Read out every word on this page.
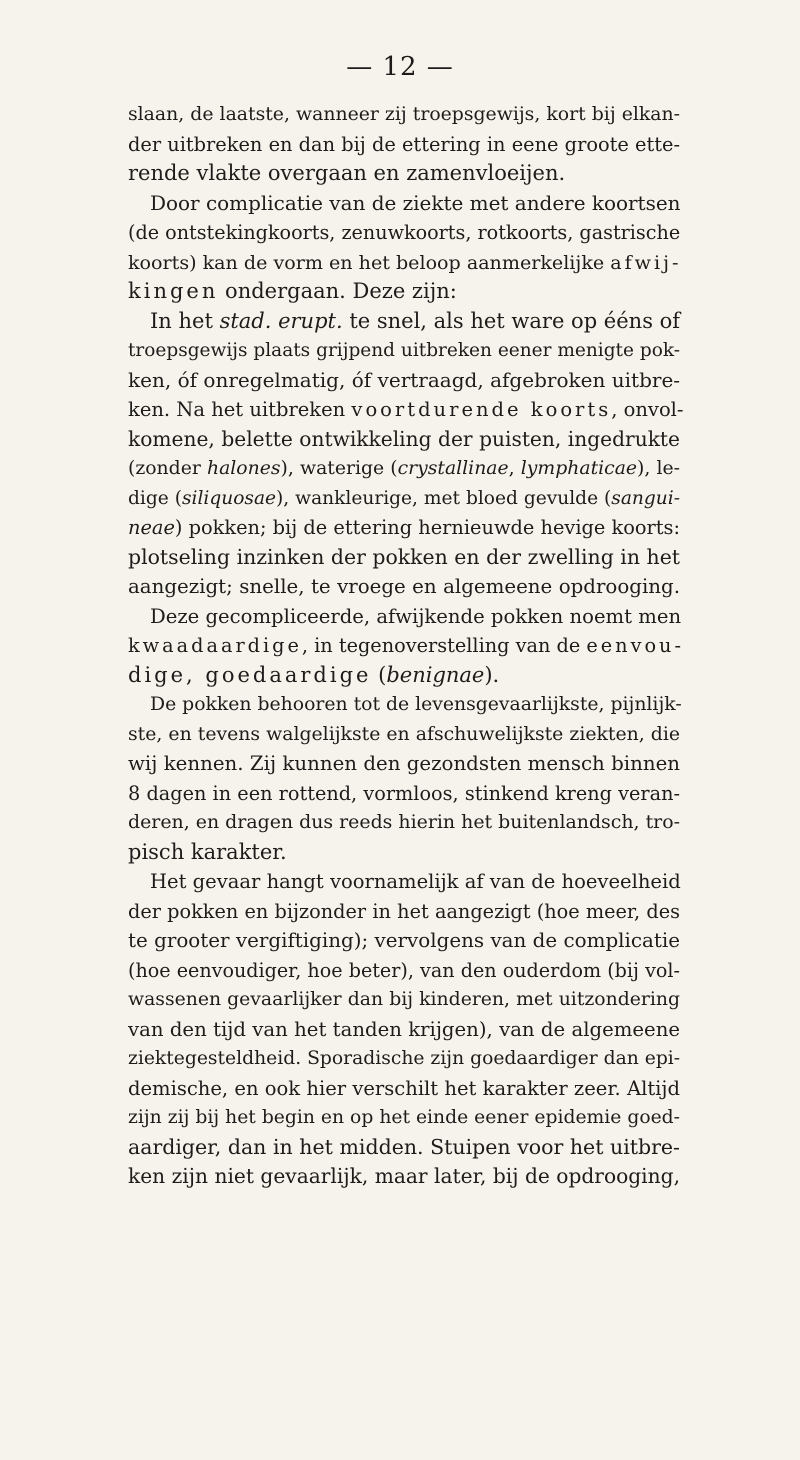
— 12 —
slaan, de laatste, wanneer zij troepsgewijs, kort bij elkan-
der uitbreken en dan bij de ettering in eene groote ette-
rende vlakte overgaan en zamenvloeijen.
Door complicatie van de ziekte met andere koortsen
(de ontstekingkoorts, zenuwkoorts, rotkoorts, gastrische
koorts) kan de vorm en het beloop aanmerkelijke afwij-
kingen ondergaan. Deze zijn:
In het stad. erupt. te snel, als het ware op ééns of
troepsgewijs plaats grijpend uitbreken eener menigte pok-
ken, óf onregelmatig, óf vertraagd, afgebroken uitbre-
ken. Na het uitbreken voortdurende koorts, onvol-
komene, belette ontwikkeling der puisten, ingedrukte
(zonder halones), waterige (crystallinae, lymphaticae), le-
dige (siliquosae), wankleurige, met bloed gevulde (sangui-
neae) pokken; bij de ettering hernieuwde hevige koorts:
plotseling inzinken der pokken en der zwelling in het
aangezigt; snelle, te vroege en algemeene opdrooging.
Deze gecompliceerde, afwijkende pokken noemt men
kwaadaardige, in tegenoverstelling van de eenvou-
dige, goedaardige (benignae).
De pokken behooren tot de levensgevaarlijkste, pijnlijk-
ste, en tevens walgelijkste en afschuwelijkste ziekten, die
wij kennen. Zij kunnen den gezondsten mensch binnen
8 dagen in een rottend, vormloos, stinkend kreng veran-
deren, en dragen dus reeds hierin het buitenlandsch, tro-
pisch karakter.
Het gevaar hangt voornamelijk af van de hoeveelheid
der pokken en bijzonder in het aangezigt (hoe meer, des
te grooter vergiftiging); vervolgens van de complicatie
(hoe eenvoudiger, hoe beter), van den ouderdom (bij vol-
wassenen gevaarlijker dan bij kinderen, met uitzondering
van den tijd van het tanden krijgen), van de algemeene
ziektegesteldheid. Sporadische zijn goedaardiger dan epi-
demische, en ook hier verschilt het karakter zeer. Altijd
zijn zij bij het begin en op het einde eener epidemie goed-
aardiger, dan in het midden. Stuipen voor het uitbre-
ken zijn niet gevaarlijk, maar later, bij de opdrooging,
